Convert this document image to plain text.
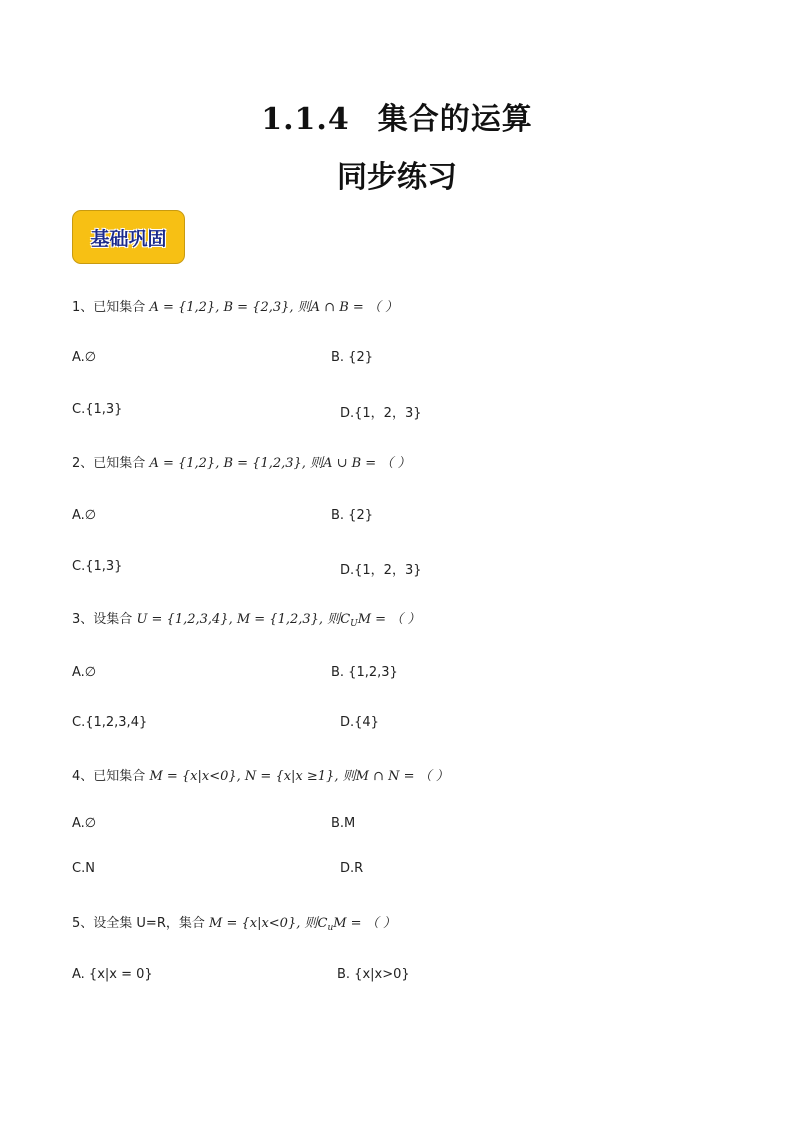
1.1.4 集合的运算
同步练习
基础巩固
1、已知集合 A = {1,2}, B = {2,3}, 则A ∩ B = （ ）
A.∅	B. {2}
C.{1,3}	D.{1，2，3}
2、已知集合 A = {1,2}, B = {1,2,3}, 则A ∪ B = （ ）
A.∅	B. {2}
C.{1,3}	D.{1，2，3}
3、设集合 U = {1,2,3,4}, M = {1,2,3}, 则$C_UM$ = （ ）
A.∅	B. {1,2,3}
C.{1,2,3,4}	D.{4}
4、已知集合 M = {x|x<0}, N = {x|x ≥1}, 则M ∩ N = （ ）
A.∅	B.M
C.N	D.R
5、设全集 U=R，集合 M = {x|x<0}, 则$C_uM$ = （ ）
A. {x|x = 0}	B. {x|x>0}
